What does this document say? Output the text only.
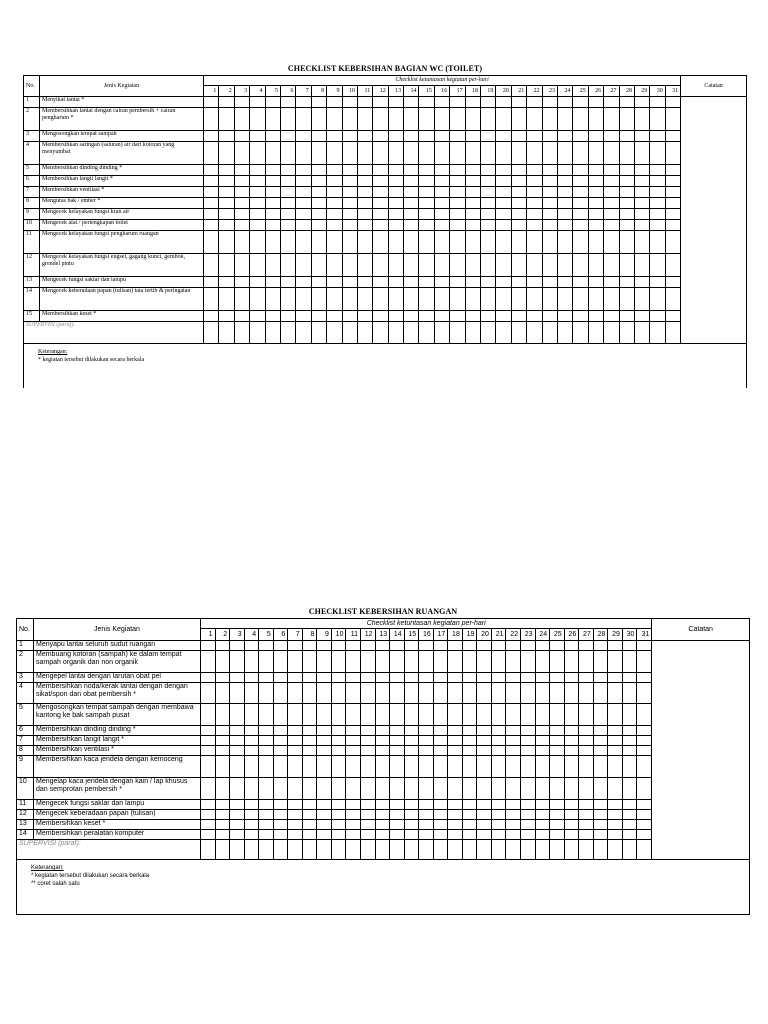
CHECKLIST KEBERSIHAN BAGIAN WC (TOILET)
No.	Jenis Kegiatan	Checklist ketuntasan kegiatan per-hari																															Catatan
		1	2	3	4	5	6	7	8	9	10	11	12	13	14	15	16	17	18	19	20	21	22	23	24	25	26	27	28	29	30	31	
1	Menyikat lantai *																																
2	Membersihkan lantai dengan cairan pembersih + cairan pengharum *																																
3	Mengosongkan tempat sampah																																
4	Membersihkan saringan (saluran) air dari kotoran yang menyumbat																																
5	Membersihkan dinding dinding *																																
6	Membersihkan langit langit *																																
7	Membersihkan ventilasi *																																
8	Menguras bak / ember *																																
9	Mengecek kelayakan fungsi kran air																																
10	Mengecek alat / perlengkapan toilet																																
11	Mengecek kelayakan fungsi pengharum ruangan																																
12	Mengecek kelayakan fungsi engsel, gagang kunci, gembok, grendel pintu																																
13	Mengecek fungsi saklar dan lampu																																
14	Mengecek keberadaan papan (tulisan) tata tertib & peringatan																																
15	Membersihkan keset *																																
SUPERVISI (paraf):																																	
Keterangan:
* kegiatan tersebut dilakukan secara berkala
CHECKLIST KEBERSIHAN RUANGAN
No.	Jenis Kegiatan	Checklist ketuntasan kegiatan per-hari																															Catatan
		1	2	3	4	5	6	7	8	9	10	11	12	13	14	15	16	17	18	19	20	21	22	23	24	25	26	27	28	29	30	31	
1	Menyapu lantai seluruh sudut ruangan																																
2	Membuang kotoran (sampah) ke dalam tempat sampah organik dan non organik																																
3	Mengepel lantai dengan larutan obat pel																																
4	Membersihkan noda/kerak lantai dengan dengan sikat/spon dan obat pembersih *																																
5	Mengosongkan tempat sampah dengan membawa kantong ke bak sampah pusat																																
6	Membersihkan dinding dinding *																																
7	Membersihkan langit langit *																																
8	Membersihkan ventilasi *																																
9	Membersihkan kaca jendela dengan kemoceng																																
10	Mengelap kaca jendela dengan kain / lap khusus dan semprotan pembersih *																																
11	Mengecek fungsi saklar dan lampu																																
12	Mengecek keberadaan papan (tulisan)																																
13	Membersihkan keset *																																
14	Membersihkan peralatan komputer																																
SUPERVISI (paraf):																																	
Keterangan:
* kegiatan tersebut dilakukan secara berkala
** coret salah satu
